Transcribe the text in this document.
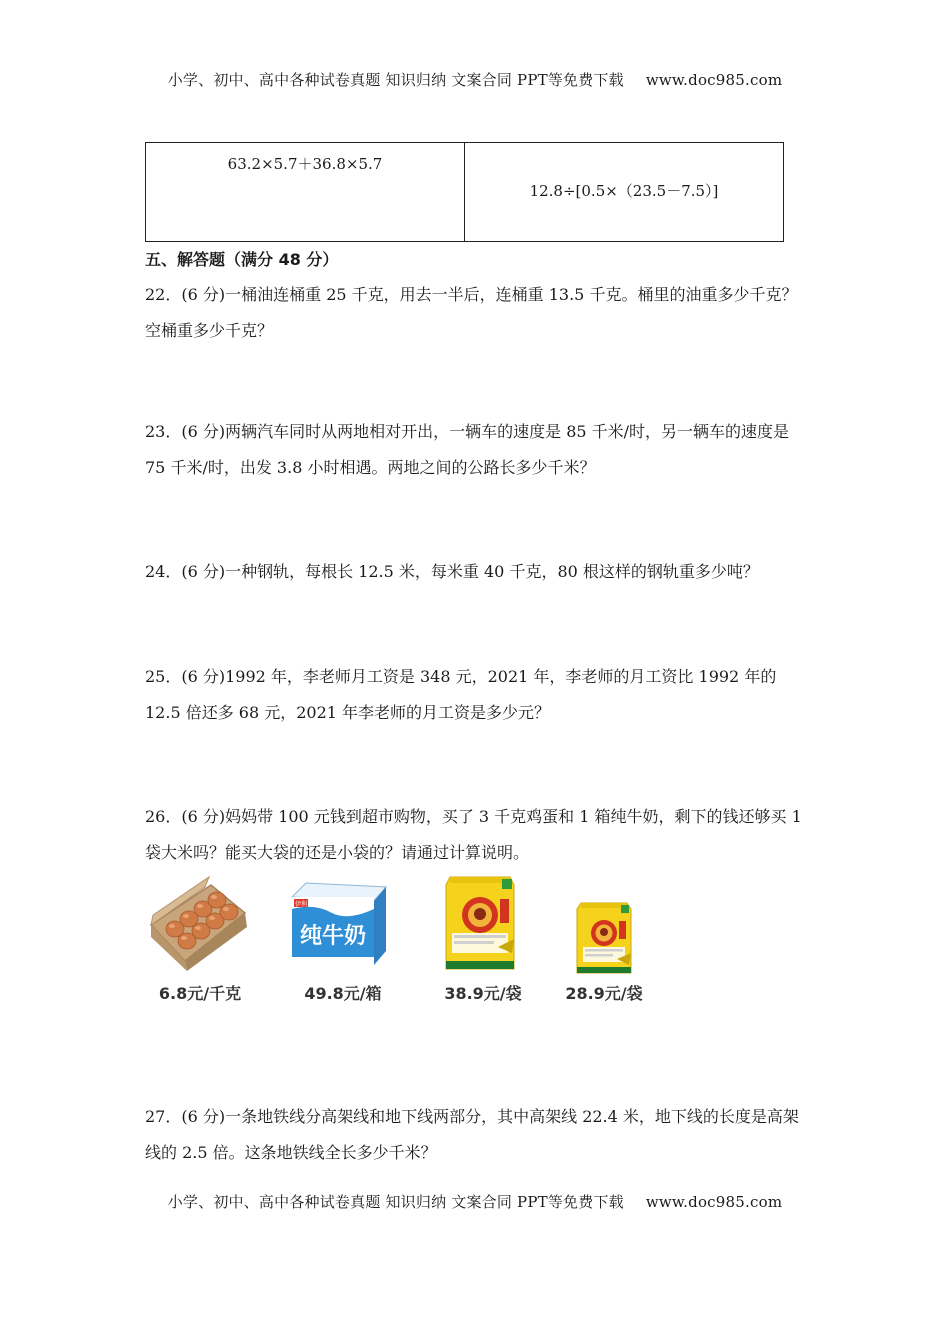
小学、初中、高中各种试卷真题 知识归纳 文案合同 PPT等免费下载 www.doc985.com
63.2×5.7＋36.8×5.7
12.8÷[0.5×（23.5－7.5）]
五、解答题（满分 48 分）
22．(6 分)一桶油连桶重 25 千克，用去一半后，连桶重 13.5 千克。桶里的油重多少千克？空桶重多少千克？
23．(6 分)两辆汽车同时从两地相对开出，一辆车的速度是 85 千米/时，另一辆车的速度是 75 千米/时，出发 3.8 小时相遇。两地之间的公路长多少千米？
24．(6 分)一种钢轨，每根长 12.5 米，每米重 40 千克，80 根这样的钢轨重多少吨？
25．(6 分)1992 年，李老师月工资是 348 元，2021 年，李老师的月工资比 1992 年的 12.5 倍还多 68 元，2021 年李老师的月工资是多少元？
26．(6 分)妈妈带 100 元钱到超市购物，买了 3 千克鸡蛋和 1 箱纯牛奶，剩下的钱还够买 1 袋大米吗？能买大袋的还是小袋的？请通过计算说明。
6.8元/千克
伊利
纯牛奶
49.8元/箱	38.9元/袋	28.9元/袋
27．(6 分)一条地铁线分高架线和地下线两部分，其中高架线 22.4 米，地下线的长度是高架线的 2.5 倍。这条地铁线全长多少千米？
小学、初中、高中各种试卷真题 知识归纳 文案合同 PPT等免费下载 www.doc985.com
